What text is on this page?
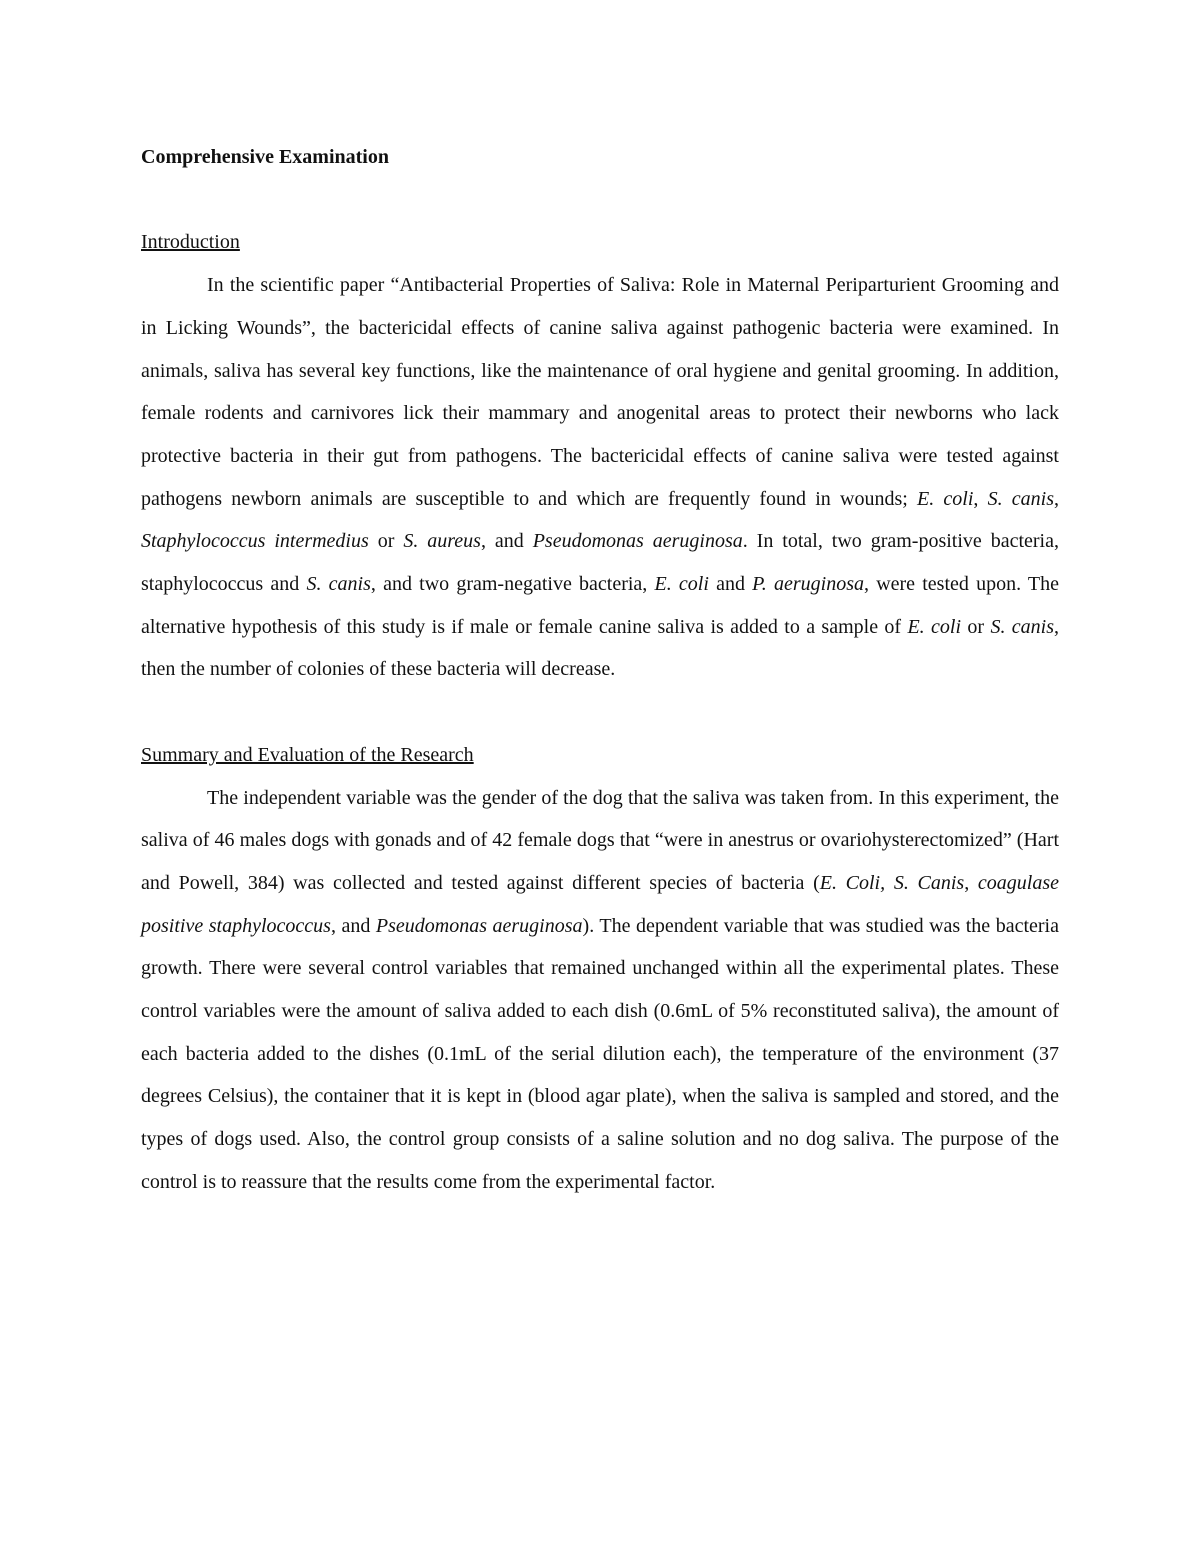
Comprehensive Examination

Introduction

In the scientific paper “Antibacterial Properties of Saliva: Role in Maternal Periparturient Grooming and in Licking Wounds”, the bactericidal effects of canine saliva against pathogenic bacteria were examined. In animals, saliva has several key functions, like the maintenance of oral hygiene and genital grooming. In addition, female rodents and carnivores lick their mammary and anogenital areas to protect their newborns who lack protective bacteria in their gut from pathogens. The bactericidal effects of canine saliva were tested against pathogens newborn animals are susceptible to and which are frequently found in wounds; E. coli, S. canis, Staphylococcus intermedius or S. aureus, and Pseudomonas aeruginosa. In total, two gram-positive bacteria, staphylococcus and S. canis, and two gram-negative bacteria, E. coli and P. aeruginosa, were tested upon. The alternative hypothesis of this study is if male or female canine saliva is added to a sample of E. coli or S. canis, then the number of colonies of these bacteria will decrease.

Summary and Evaluation of the Research

The independent variable was the gender of the dog that the saliva was taken from. In this experiment, the saliva of 46 males dogs with gonads and of 42 female dogs that “were in anestrus or ovariohysterectomized” (Hart and Powell, 384) was collected and tested against different species of bacteria (E. Coli, S. Canis, coagulase positive staphylococcus, and Pseudomonas aeruginosa). The dependent variable that was studied was the bacteria growth. There were several control variables that remained unchanged within all the experimental plates. These control variables were the amount of saliva added to each dish (0.6mL of 5% reconstituted saliva), the amount of each bacteria added to the dishes (0.1mL of the serial dilution each), the temperature of the environment (37 degrees Celsius), the container that it is kept in (blood agar plate), when the saliva is sampled and stored, and the types of dogs used. Also, the control group consists of a saline solution and no dog saliva. The purpose of the control is to reassure that the results come from the experimental factor.
